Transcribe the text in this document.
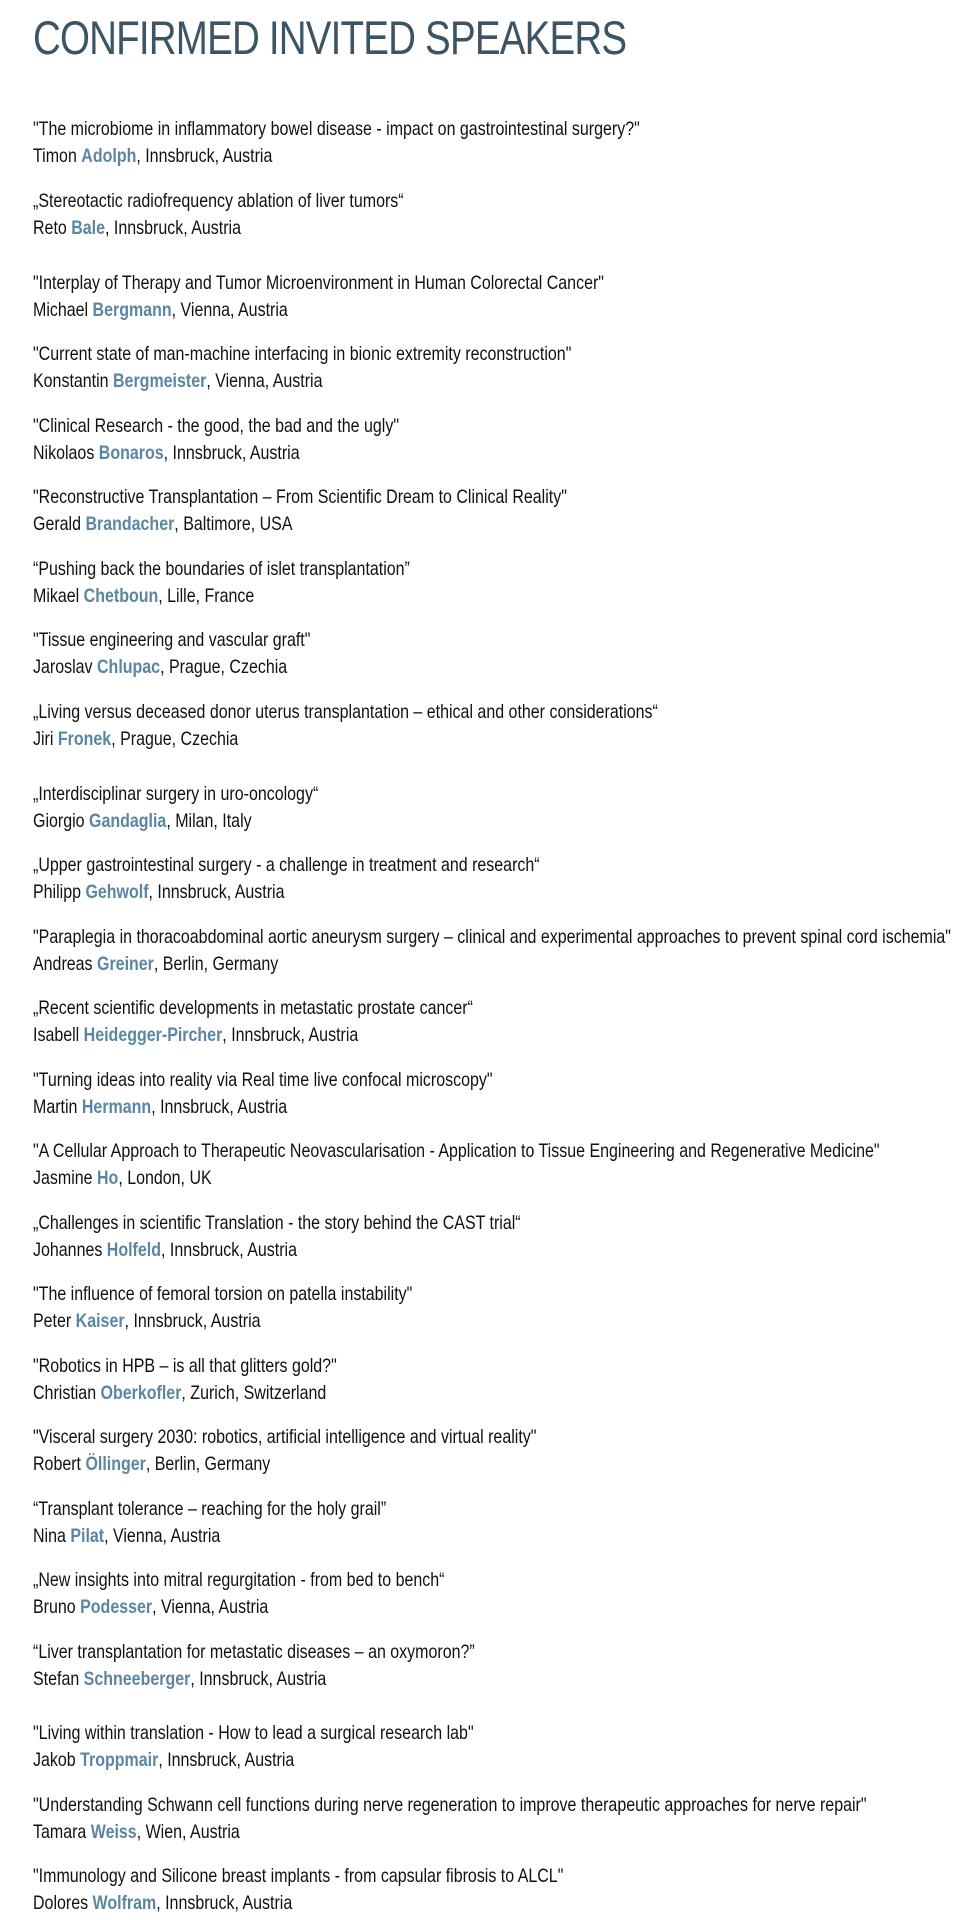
CONFIRMED INVITED SPEAKERS
"The microbiome in inflammatory bowel disease - impact on gastrointestinal surgery?"
Timon Adolph, Innsbruck, Austria
„Stereotactic radiofrequency ablation of liver tumors“
Reto Bale, Innsbruck, Austria
"Interplay of Therapy and Tumor Microenvironment in Human Colorectal Cancer"
Michael Bergmann, Vienna, Austria
"Current state of man-machine interfacing in bionic extremity reconstruction"
Konstantin Bergmeister, Vienna, Austria
"Clinical Research - the good, the bad and the ugly"
Nikolaos Bonaros, Innsbruck, Austria
"Reconstructive Transplantation – From Scientific Dream to Clinical Reality"
Gerald Brandacher, Baltimore, USA
“Pushing back the boundaries of islet transplantation”
Mikael Chetboun, Lille, France
"Tissue engineering and vascular graft"
Jaroslav Chlupac, Prague, Czechia
„Living versus deceased donor uterus transplantation – ethical and other considerations“
Jiri Fronek, Prague, Czechia
„Interdisciplinar surgery in uro-oncology“
Giorgio Gandaglia, Milan, Italy
„Upper gastrointestinal surgery - a challenge in treatment and research“
Philipp Gehwolf, Innsbruck, Austria
"Paraplegia in thoracoabdominal aortic aneurysm surgery – clinical and experimental approaches to prevent spinal cord ischemia"
Andreas Greiner, Berlin, Germany
„Recent scientific developments in metastatic prostate cancer“
Isabell Heidegger-Pircher, Innsbruck, Austria
"Turning ideas into reality via Real time live confocal microscopy"
Martin Hermann, Innsbruck, Austria
"A Cellular Approach to Therapeutic Neovascularisation - Application to Tissue Engineering and Regenerative Medicine"
Jasmine Ho, London, UK
„Challenges in scientific Translation - the story behind the CAST trial“
Johannes Holfeld, Innsbruck, Austria
"The influence of femoral torsion on patella instability"
Peter Kaiser, Innsbruck, Austria
"Robotics in HPB – is all that glitters gold?"
Christian Oberkofler, Zurich, Switzerland
"Visceral surgery 2030: robotics, artificial intelligence and virtual reality"
Robert Öllinger, Berlin, Germany
“Transplant tolerance – reaching for the holy grail”
Nina Pilat, Vienna, Austria
„New insights into mitral regurgitation - from bed to bench“
Bruno Podesser, Vienna, Austria
“Liver transplantation for metastatic diseases – an oxymoron?”
Stefan Schneeberger, Innsbruck, Austria
"Living within translation - How to lead a surgical research lab"
Jakob Troppmair, Innsbruck, Austria
"Understanding Schwann cell functions during nerve regeneration to improve therapeutic approaches for nerve repair"
Tamara Weiss, Wien, Austria
"Immunology and Silicone breast implants - from capsular fibrosis to ALCL"
Dolores Wolfram, Innsbruck, Austria
